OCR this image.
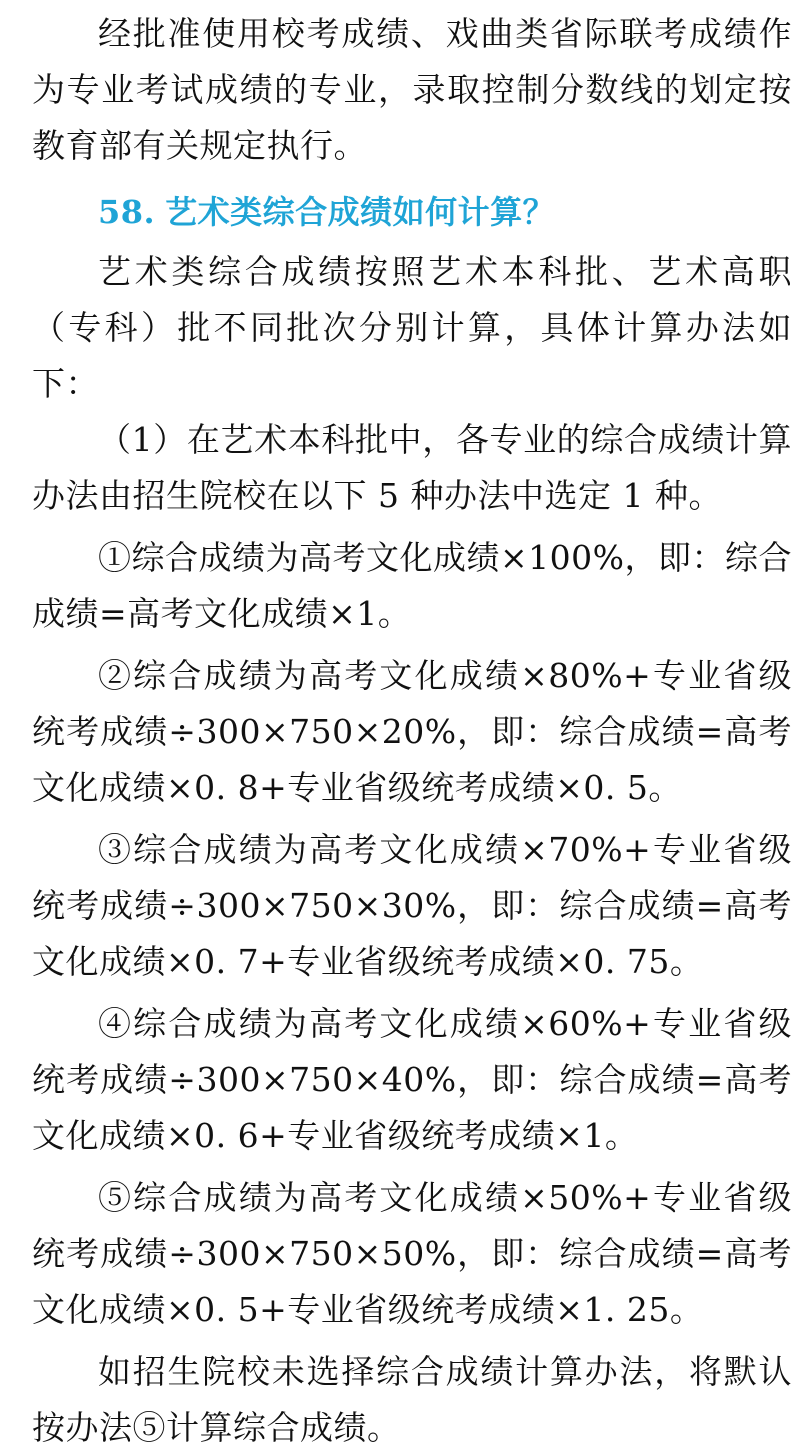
经批准使用校考成绩、戏曲类省际联考成绩作为专业考试成绩的专业，录取控制分数线的划定按教育部有关规定执行。

58. 艺术类综合成绩如何计算？

艺术类综合成绩按照艺术本科批、艺术高职（专科）批不同批次分别计算，具体计算办法如下：

（1）在艺术本科批中，各专业的综合成绩计算办法由招生院校在以下 5 种办法中选定 1 种。

①综合成绩为高考文化成绩×100%，即：综合成绩=高考文化成绩×1。

②综合成绩为高考文化成绩×80%+专业省级统考成绩÷300×750×20%，即：综合成绩=高考文化成绩×0. 8+专业省级统考成绩×0. 5。

③综合成绩为高考文化成绩×70%+专业省级统考成绩÷300×750×30%，即：综合成绩=高考文化成绩×0. 7+专业省级统考成绩×0. 75。

④综合成绩为高考文化成绩×60%+专业省级统考成绩÷300×750×40%，即：综合成绩=高考文化成绩×0. 6+专业省级统考成绩×1。

⑤综合成绩为高考文化成绩×50%+专业省级统考成绩÷300×750×50%，即：综合成绩=高考文化成绩×0. 5+专业省级统考成绩×1. 25。

如招生院校未选择综合成绩计算办法，将默认按办法⑤计算综合成绩。
